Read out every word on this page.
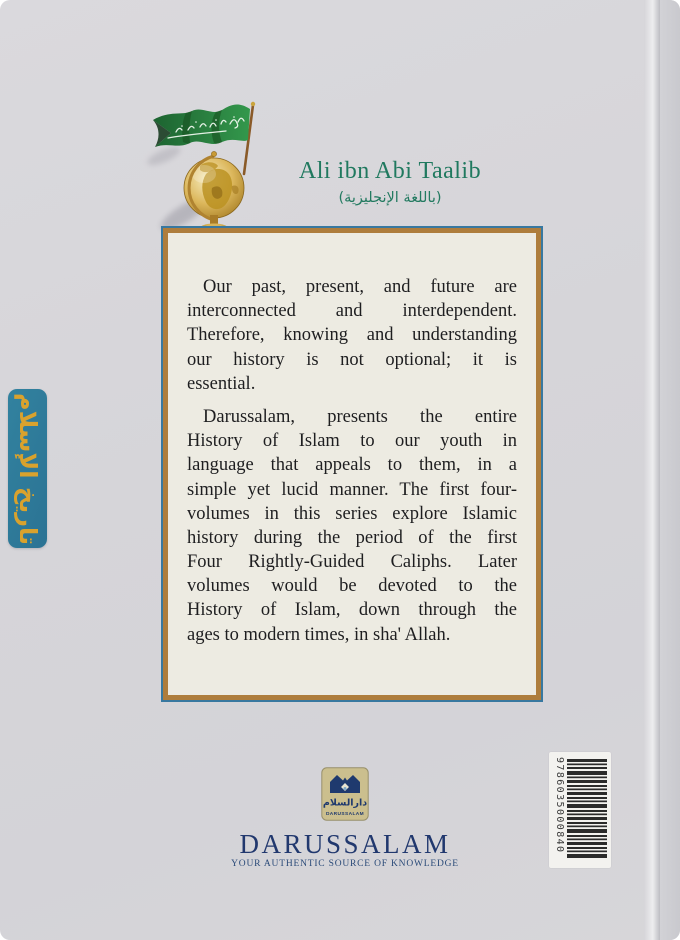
Ali ibn Abi Taalib
(باللغة الإنجليزية)
Our past, present, and future are
interconnected and interdependent.
Therefore, knowing and understanding
our history is not optional; it is
essential.
Darussalam, presents the entire
History of Islam to our youth in
language that appeals to them, in a
simple yet lucid manner. The first four-
volumes in this series explore Islamic
history during the period of the first
Four Rightly-Guided Caliphs. Later
volumes would be devoted to the
History of Islam, down through the
ages to modern times, in sha' Allah.
تاريخ الإسلام
دارالسلام
DARUSSALAM
DARUSSALAM
YOUR AUTHENTIC SOURCE OF KNOWLEDGE
9786035000840
